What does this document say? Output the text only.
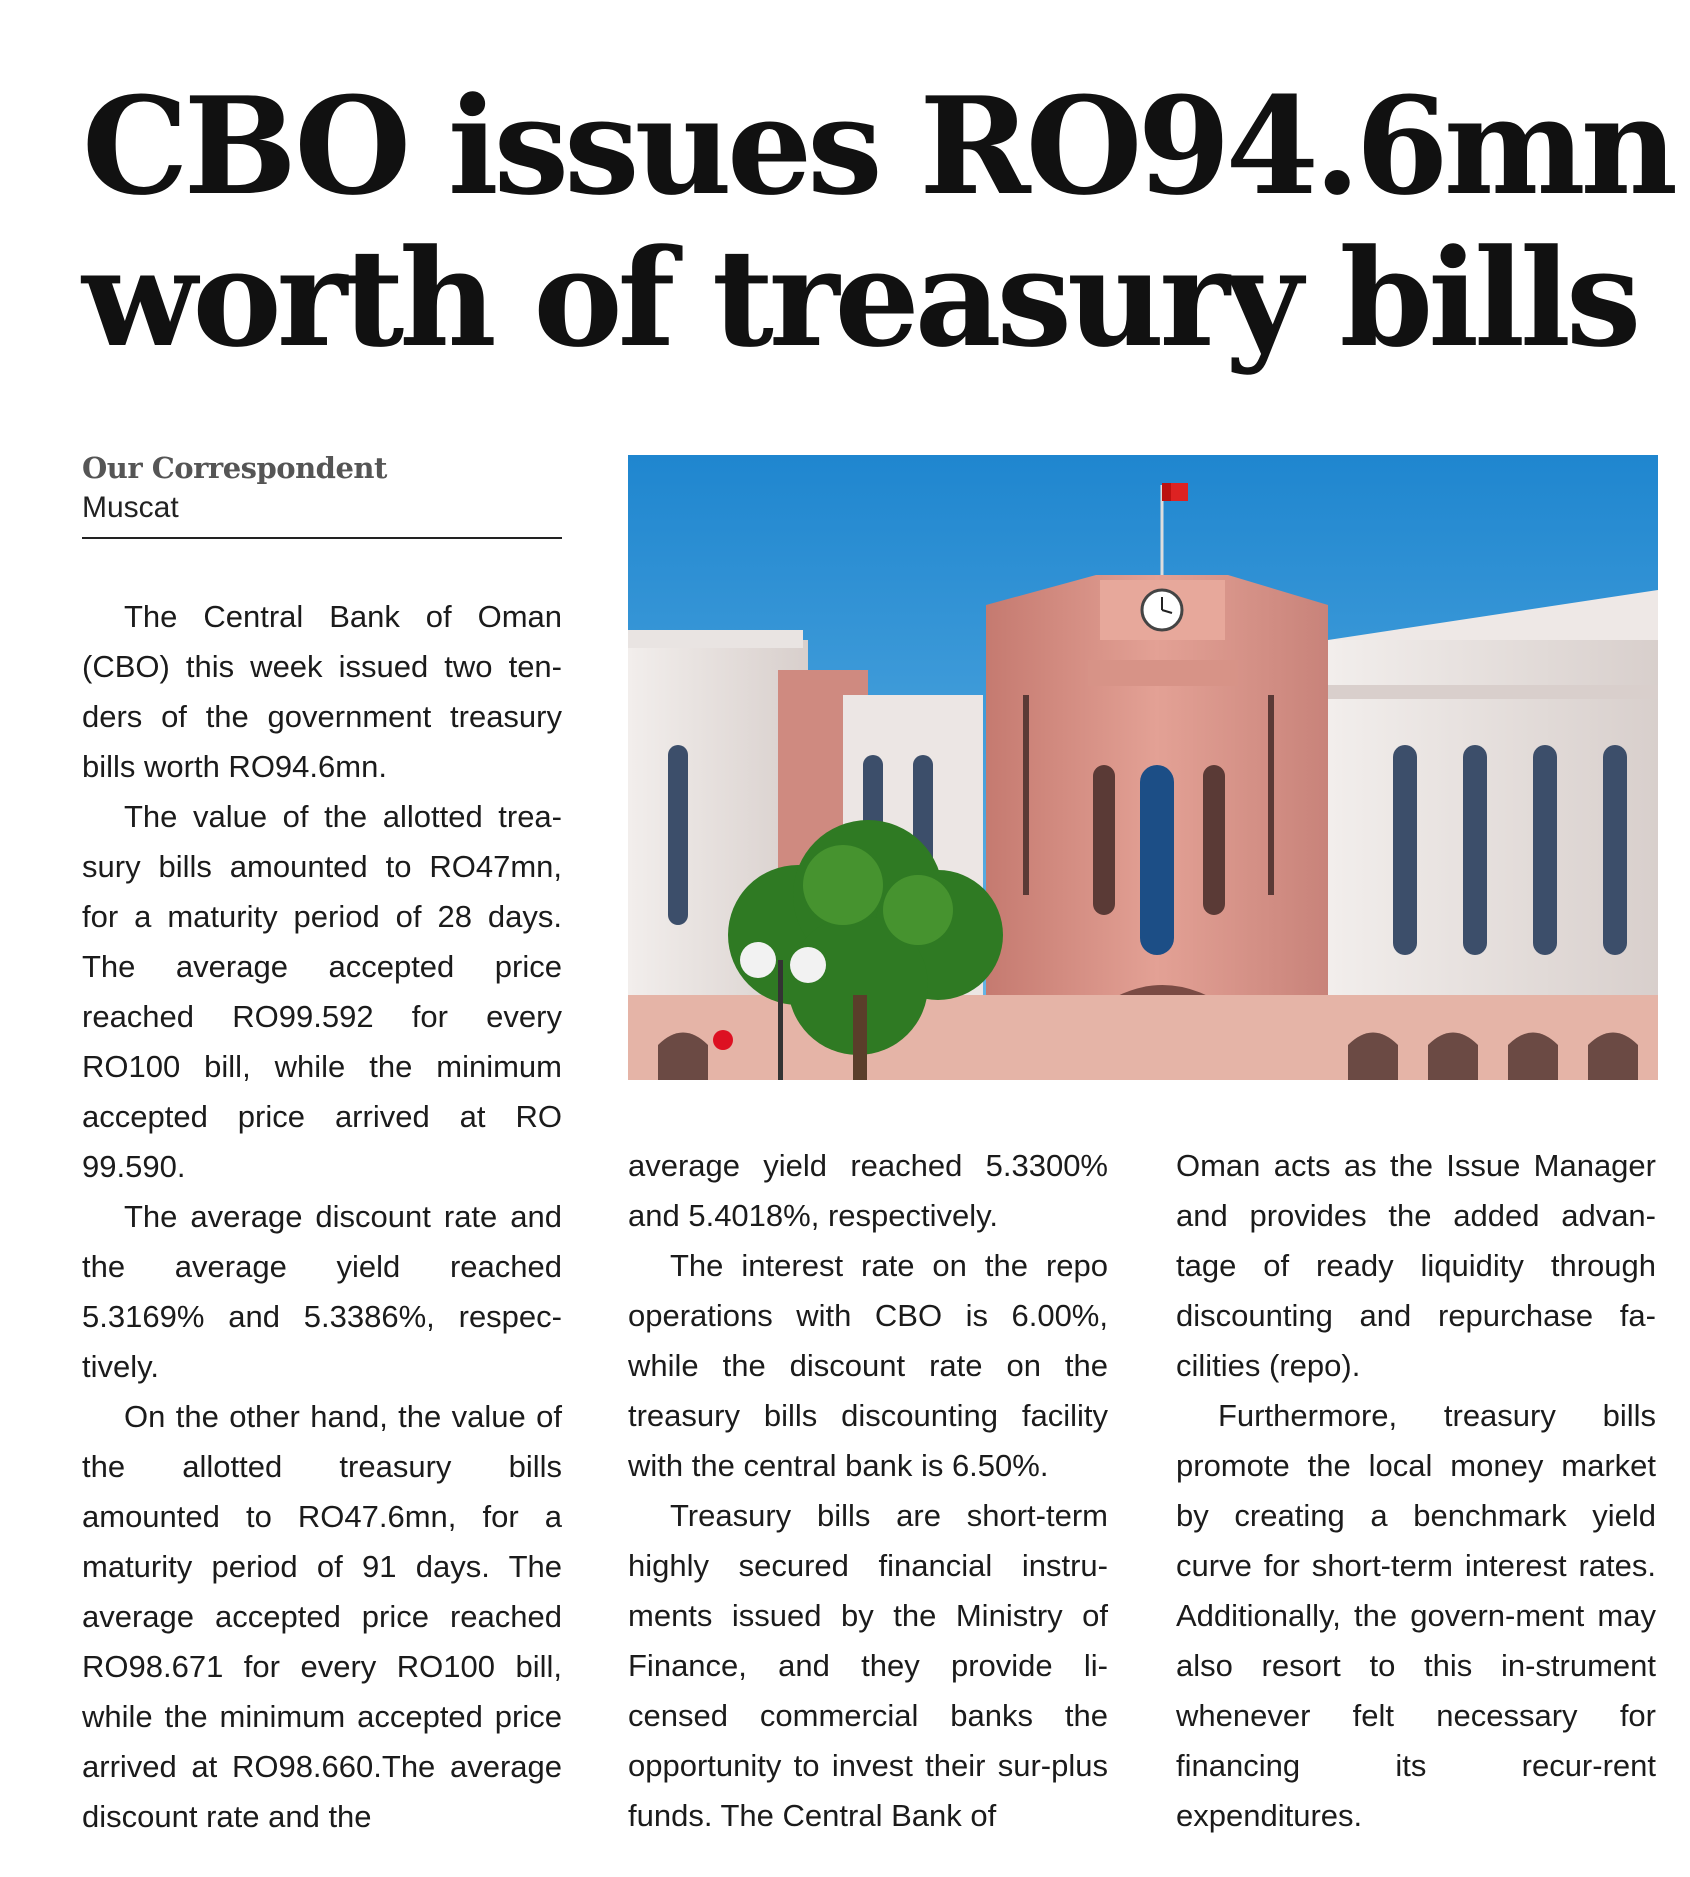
CBO issues RO94.6mn
worth of treasury bills
Our Correspondent
Muscat

The Central Bank of Oman (CBO) this week issued two ten-ders of the government treasury bills worth RO94.6mn.

The value of the allotted trea-sury bills amounted to RO47mn, for a maturity period of 28 days. The average accepted price reached RO99.592 for every RO100 bill, while the minimum accepted price arrived at RO 99.590.

The average discount rate and the average yield reached 5.3169% and 5.3386%, respec-tively.

On the other hand, the value of the allotted treasury bills amounted to RO47.6mn, for a maturity period of 91 days. The average accepted price reached RO98.671 for every RO100 bill, while the minimum accepted price arrived at RO98.660.The average discount rate and the

average yield reached 5.3300% and 5.4018%, respectively.

The interest rate on the repo operations with CBO is 6.00%, while the discount rate on the treasury bills discounting facility with the central bank is 6.50%.

Treasury bills are short-term highly secured financial instru-ments issued by the Ministry of Finance, and they provide li-censed commercial banks the opportunity to invest their sur-plus funds. The Central Bank of

Oman acts as the Issue Manager and provides the added advan-tage of ready liquidity through discounting and repurchase fa-cilities (repo).

Furthermore, treasury bills promote the local money market by creating a benchmark yield curve for short-term interest rates. Additionally, the govern-ment may also resort to this in-strument whenever felt necessary for financing its recur-rent expenditures.
